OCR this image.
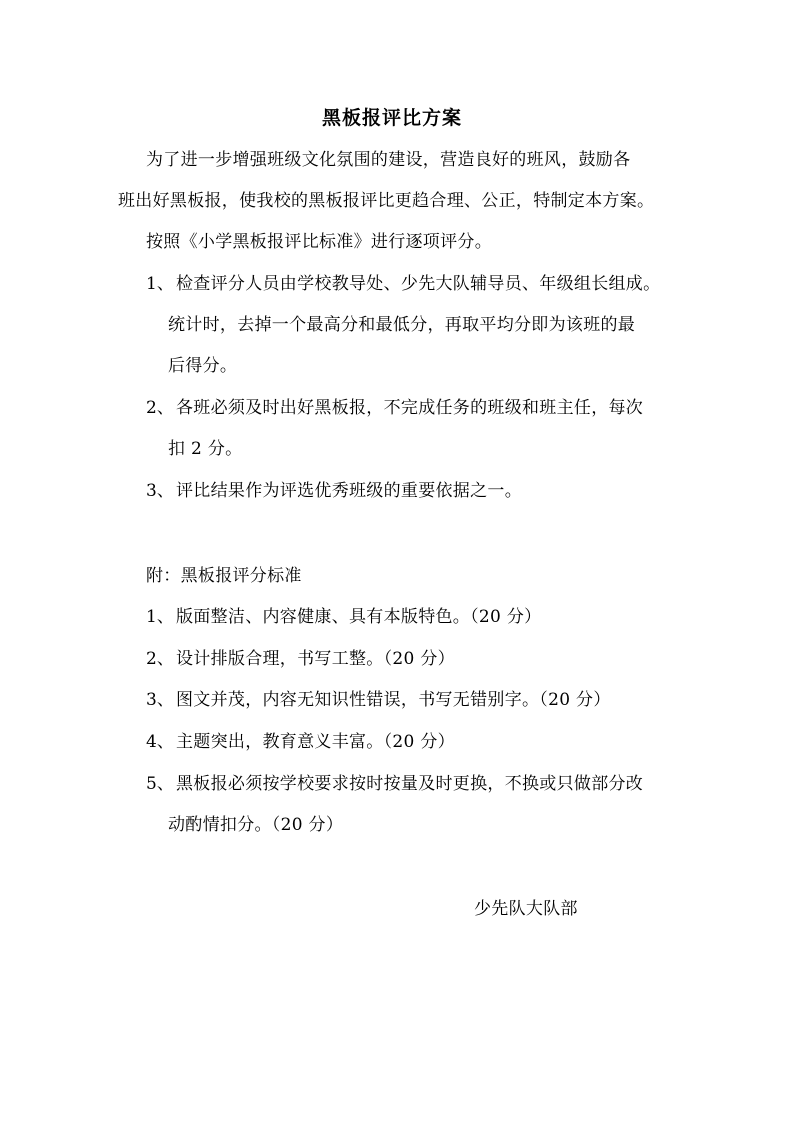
黑板报评比方案
为了进一步增强班级文化氛围的建设，营造良好的班风，鼓励各
班出好黑板报，使我校的黑板报评比更趋合理、公正，特制定本方案。
按照《小学黑板报评比标准》进行逐项评分。
1、 检查评分人员由学校教导处、少先大队辅导员、年级组长组成。
统计时，去掉一个最高分和最低分，再取平均分即为该班的最
后得分。
2、 各班必须及时出好黑板报，不完成任务的班级和班主任，每次
扣 2 分。
3、 评比结果作为评选优秀班级的重要依据之一。
附：黑板报评分标准
1、 版面整洁、内容健康、具有本版特色。（20 分）
2、 设计排版合理，书写工整。（20 分）
3、 图文并茂，内容无知识性错误，书写无错别字。（20 分）
4、 主题突出，教育意义丰富。（20 分）
5、 黑板报必须按学校要求按时按量及时更换，不换或只做部分改
动酌情扣分。（20 分）
少先队大队部
